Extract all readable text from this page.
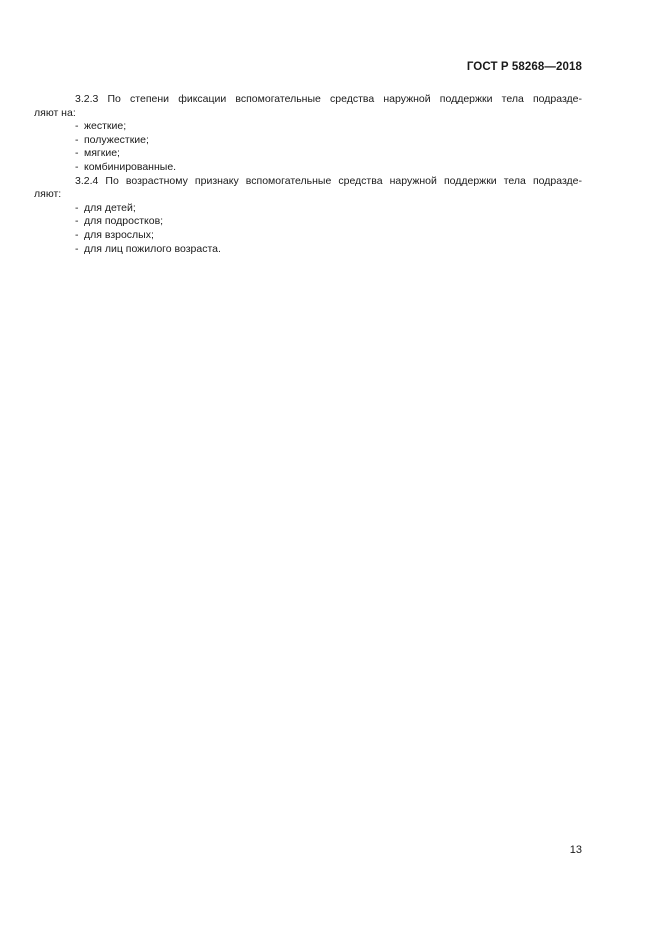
ГОСТ Р 58268—2018

3.2.3 По степени фиксации вспомогательные средства наружной поддержки тела подразде-
ляют на:

- жесткие;
- полужесткие;
- мягкие;
- комбинированные.

3.2.4 По возрастному признаку вспомогательные средства наружной поддержки тела подразде-
ляют:

- для детей;
- для подростков;
- для взрослых;
- для лиц пожилого возраста.
13
